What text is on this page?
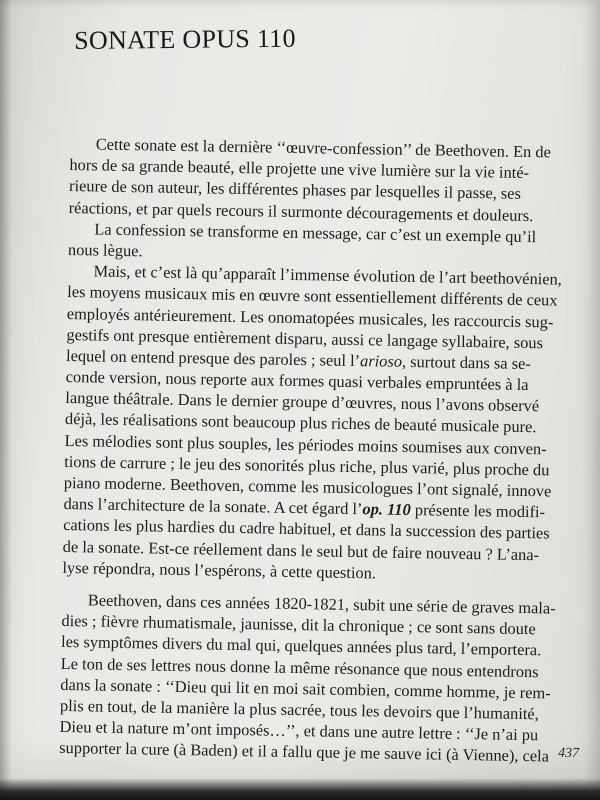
SONATE OPUS 110
Cette sonate est la dernière ‘‘œuvre-confession’’ de Beethoven. En de
hors de sa grande beauté, elle projette une vive lumière sur la vie inté-
rieure de son auteur, les différentes phases par lesquelles il passe, ses
réactions, et par quels recours il surmonte découragements et douleurs.
La confession se transforme en message, car c’est un exemple qu’il
nous lègue.
Mais, et c’est là qu’apparaît l’immense évolution de l’art beethovénien,
les moyens musicaux mis en œuvre sont essentiellement différents de ceux
employés antérieurement. Les onomatopées musicales, les raccourcis sug-
gestifs ont presque entièrement disparu, aussi ce langage syllabaire, sous
lequel on entend presque des paroles ; seul l’arioso, surtout dans sa se-
conde version, nous reporte aux formes quasi verbales empruntées à la
langue théâtrale. Dans le dernier groupe d’œuvres, nous l’avons observé
déjà, les réalisations sont beaucoup plus riches de beauté musicale pure.
Les mélodies sont plus souples, les périodes moins soumises aux conven-
tions de carrure ; le jeu des sonorités plus riche, plus varié, plus proche du
piano moderne. Beethoven, comme les musicologues l’ont signalé, innove
dans l’architecture de la sonate. A cet égard l’op. 110 présente les modifi-
cations les plus hardies du cadre habituel, et dans la succession des parties
de la sonate. Est-ce réellement dans le seul but de faire nouveau ? L’ana-
lyse répondra, nous l’espérons, à cette question.
Beethoven, dans ces années 1820-1821, subit une série de graves mala-
dies ; fièvre rhumatismale, jaunisse, dit la chronique ; ce sont sans doute
les symptômes divers du mal qui, quelques années plus tard, l’emportera.
Le ton de ses lettres nous donne la même résonance que nous entendrons
dans la sonate : ‘‘Dieu qui lit en moi sait combien, comme homme, je rem-
plis en tout, de la manière la plus sacrée, tous les devoirs que l’humanité,
Dieu et la nature m’ont imposés…’’, et dans une autre lettre : ‘‘Je n’ai pu
supporter la cure (à Baden) et il a fallu que je me sauve ici (à Vienne), cela 437
